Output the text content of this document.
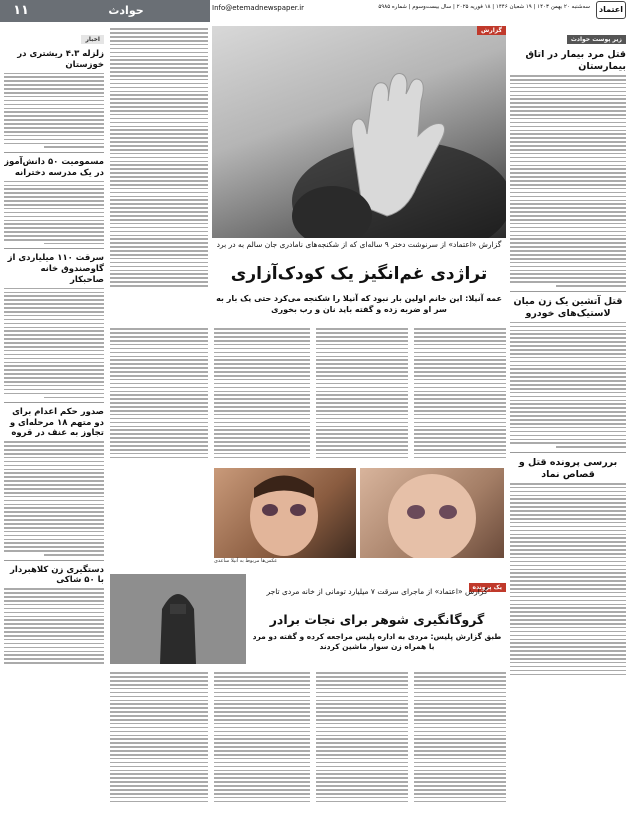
۱۱	حوادث	Info@etemadnewspaper.ir	سه‌شنبه ۲۰ بهمن ۱۴۰۳ | ۱۹ شعبان ۱۴۴۶ | ۱۸ فوریه ۲۰۲۵ | سال بیست‌وسوم | شماره ۵۹۸۵	اعتماد
زیر پوست حوادث
قتل مرد بیمار در اتاق بیمارستان
قتل آتشین یک زن میان لاستیک‌های خودرو
بررسی پرونده قتل و قصاص نماد
اخبار
زلزله ۴.۳ ریشتری در خوزستان
مسمومیت ۵۰ دانش‌آموز در یک مدرسه دخترانه
سرقت ۱۱۰ میلیاردی از گاوصندوق خانه صاحبکار
صدور حکم اعدام برای دو متهم ۱۸ مرحله‌ای و تجاوز به عنف در قروه
دستگیری زن کلاهبردار با ۵۰ شاکی
گزارش
گزارش «اعتماد» از سرنوشت دختر ۹ ساله‌ای که از شکنجه‌های نامادری جان سالم به در برد
تراژدی غم‌انگیز یک کودک‌آزاری
عمه آنیلا: این خانم اولین بار نبود که آنیلا را شکنجه می‌کرد حتی یک بار به سر او ضربه زده و گفته باید نان و رب بخوری
عکس‌ها مربوط به آنیلا ساعدی
یک پرونده
گزارش «اعتماد» از ماجرای سرقت ۷ میلیارد تومانی از خانه مردی تاجر
گروگانگیری شوهر برای نجات برادر
طبق گزارش پلیس: مردی به اداره پلیس مراجعه کرده و گفته دو مرد با همراه زن سوار ماشین کردند
